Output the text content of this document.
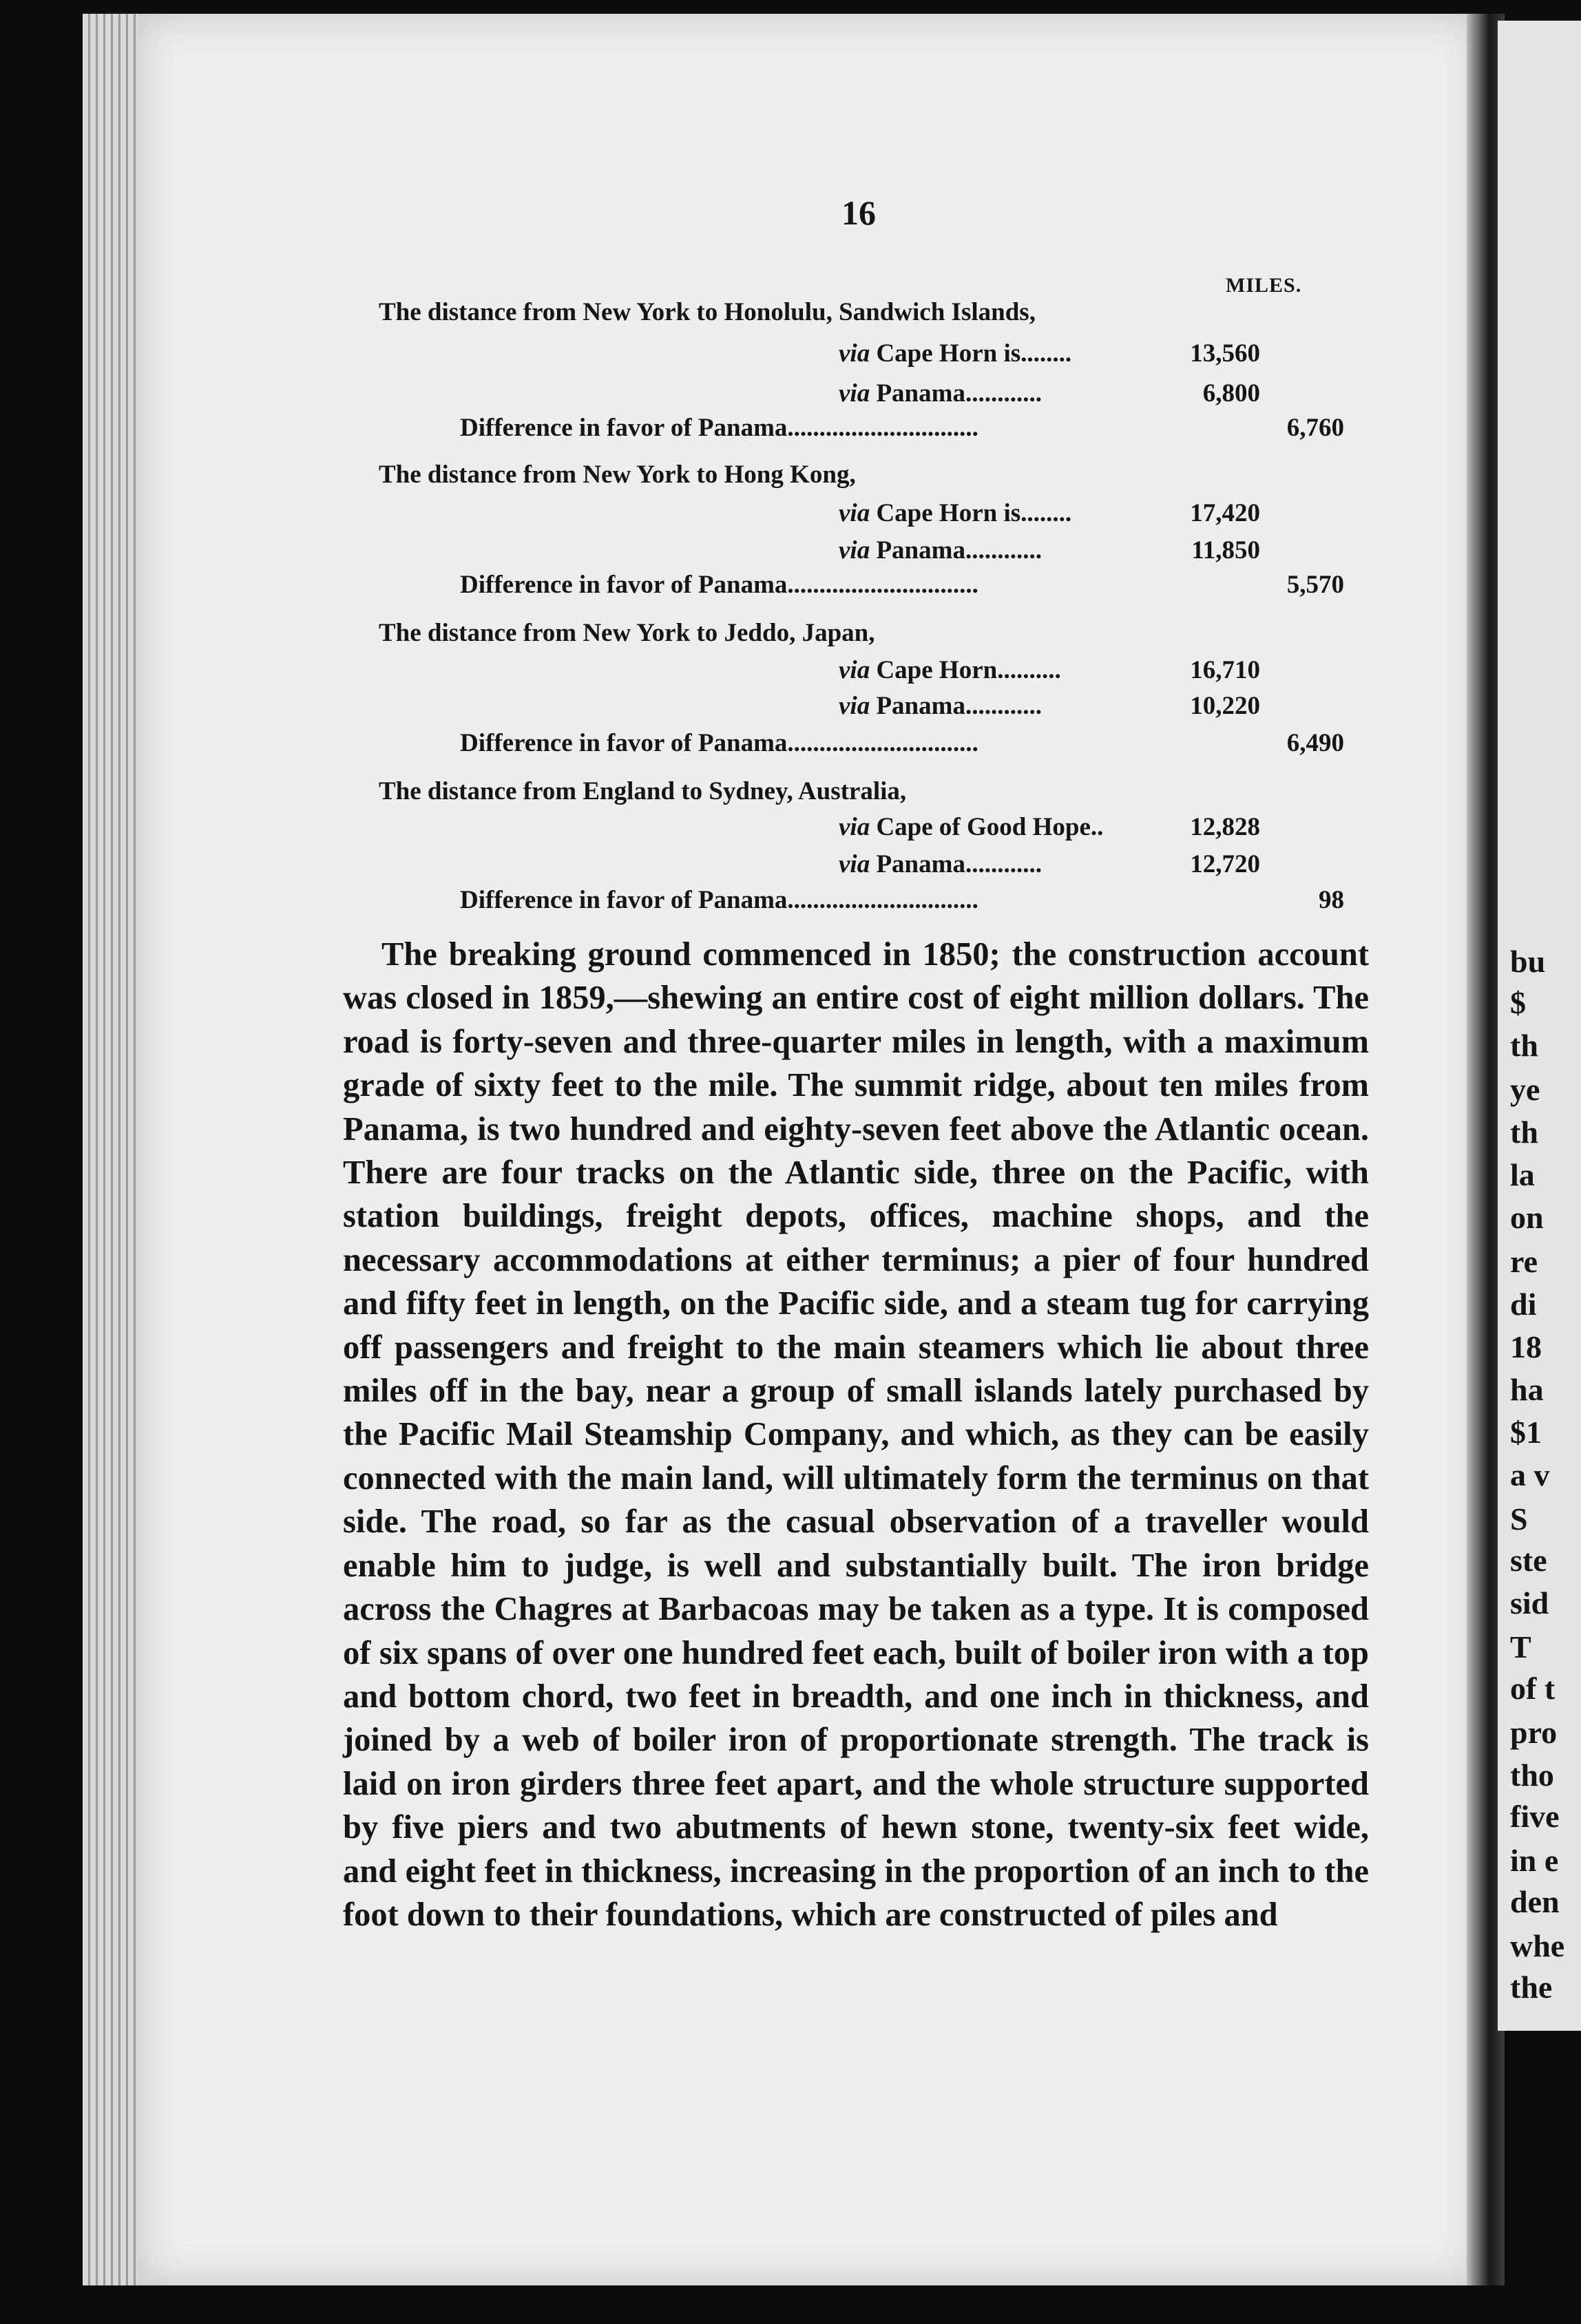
16
MILES.
The distance from New York to Honolulu, Sandwich Islands,
via Cape Horn is........	13,560
via Panama............	6,800
Difference in favor of Panama..............................	6,760
The distance from New York to Hong Kong,
via Cape Horn is........	17,420
via Panama............	11,850
Difference in favor of Panama..............................	5,570
The distance from New York to Jeddo, Japan,
via Cape Horn..........	16,710
via Panama............	10,220
Difference in favor of Panama..............................	6,490
The distance from England to Sydney, Australia,
via Cape of Good Hope..	12,828
via Panama............	12,720
Difference in favor of Panama..............................	98
The breaking ground commenced in 1850; the construction account was closed in 1859,—shewing an entire cost of eight million dollars. The road is forty-seven and three-quarter miles in length, with a maximum grade of sixty feet to the mile. The summit ridge, about ten miles from Panama, is two hundred and eighty-seven feet above the Atlantic ocean. There are four tracks on the Atlantic side, three on the Pacific, with station buildings, freight depots, offices, machine shops, and the necessary accommodations at either terminus; a pier of four hundred and fifty feet in length, on the Pacific side, and a steam tug for carrying off passengers and freight to the main steamers which lie about three miles off in the bay, near a group of small islands lately purchased by the Pacific Mail Steamship Company, and which, as they can be easily connected with the main land, will ultimately form the terminus on that side. The road, so far as the casual observation of a traveller would enable him to judge, is well and substantially built. The iron bridge across the Chagres at Barbacoas may be taken as a type. It is composed of six spans of over one hundred feet each, built of boiler iron with a top and bottom chord, two feet in breadth, and one inch in thickness, and joined by a web of boiler iron of proportionate strength. The track is laid on iron girders three feet apart, and the whole structure supported by five piers and two abutments of hewn stone, twenty-six feet wide, and eight feet in thickness, increasing in the proportion of an inch to the foot down to their foundations, which are constructed of piles and
bu
$
th
ye
th
la
on
re
di
18
ha
$1
a v
S
ste
sid
T
of t
pro
tho
five
in e
den
whe
the
